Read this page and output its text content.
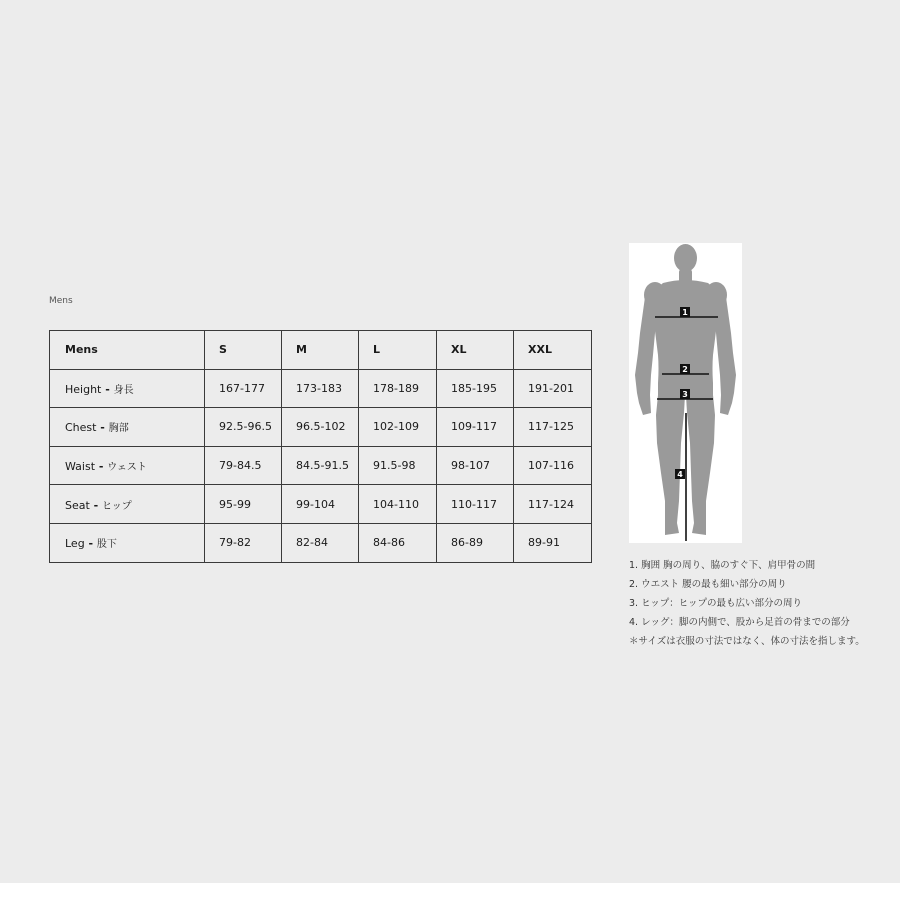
Mens
Mens	S	M	L	XL	XXL
Height - 身長	167-177	173-183	178-189	185-195	191-201
Chest - 胸部	92.5-96.5	96.5-102	102-109	109-117	117-125
Waist - ウェスト	79-84.5	84.5-91.5	91.5-98	98-107	107-116
Seat - ヒップ	95-99	99-104	104-110	110-117	117-124
Leg - 股下	79-82	82-84	84-86	86-89	89-91
1
2
3
4
1. 胸囲 胸の周り、脇のすぐ下、肩甲骨の間
2. ウエスト 腰の最も細い部分の周り
3. ヒップ：ヒップの最も広い部分の周り
4. レッグ：脚の内側で、股から足首の骨までの部分
＊サイズは衣服の寸法ではなく、体の寸法を指します。
